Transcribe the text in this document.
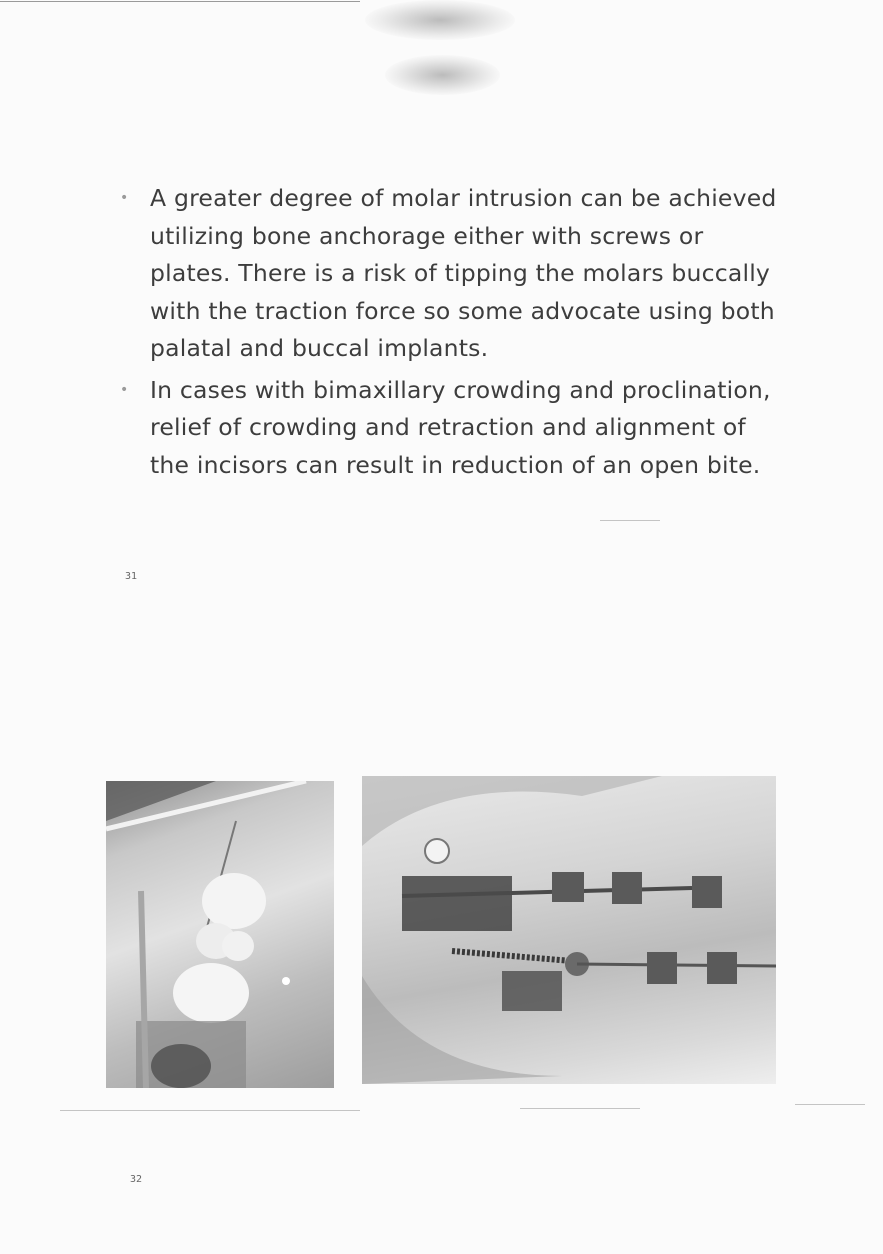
• A greater degree of molar intrusion can be achieved utilizing bone anchorage either with screws or plates. There is a risk of tipping the molars buccally with the traction force so some advocate using both palatal and buccal implants.
• In cases with bimaxillary crowding and proclination, relief of crowding and retraction and alignment of the incisors can result in reduction of an open bite.
31
32
